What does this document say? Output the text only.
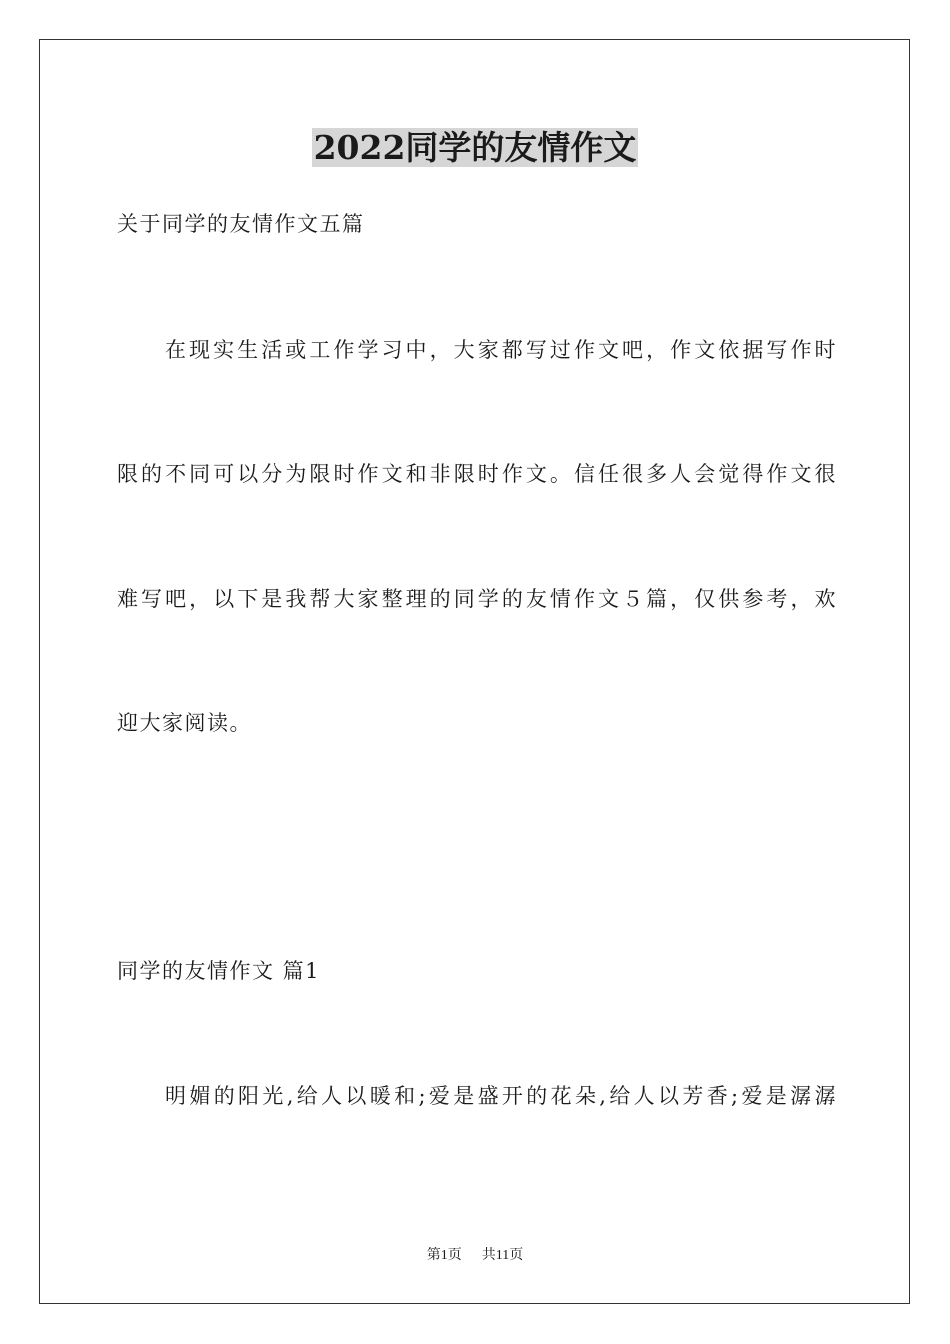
2022同学的友情作文
关于同学的友情作文五篇
在现实生活或工作学习中，大家都写过作文吧，作文依据写作时
限的不同可以分为限时作文和非限时作文。信任很多人会觉得作文很
难写吧，以下是我帮大家整理的同学的友情作文５篇，仅供参考，欢
迎大家阅读。
同学的友情作文 篇1
明媚的阳光,给人以暖和;爱是盛开的花朵,给人以芳香;爱是潺潺
第1页 共11页
